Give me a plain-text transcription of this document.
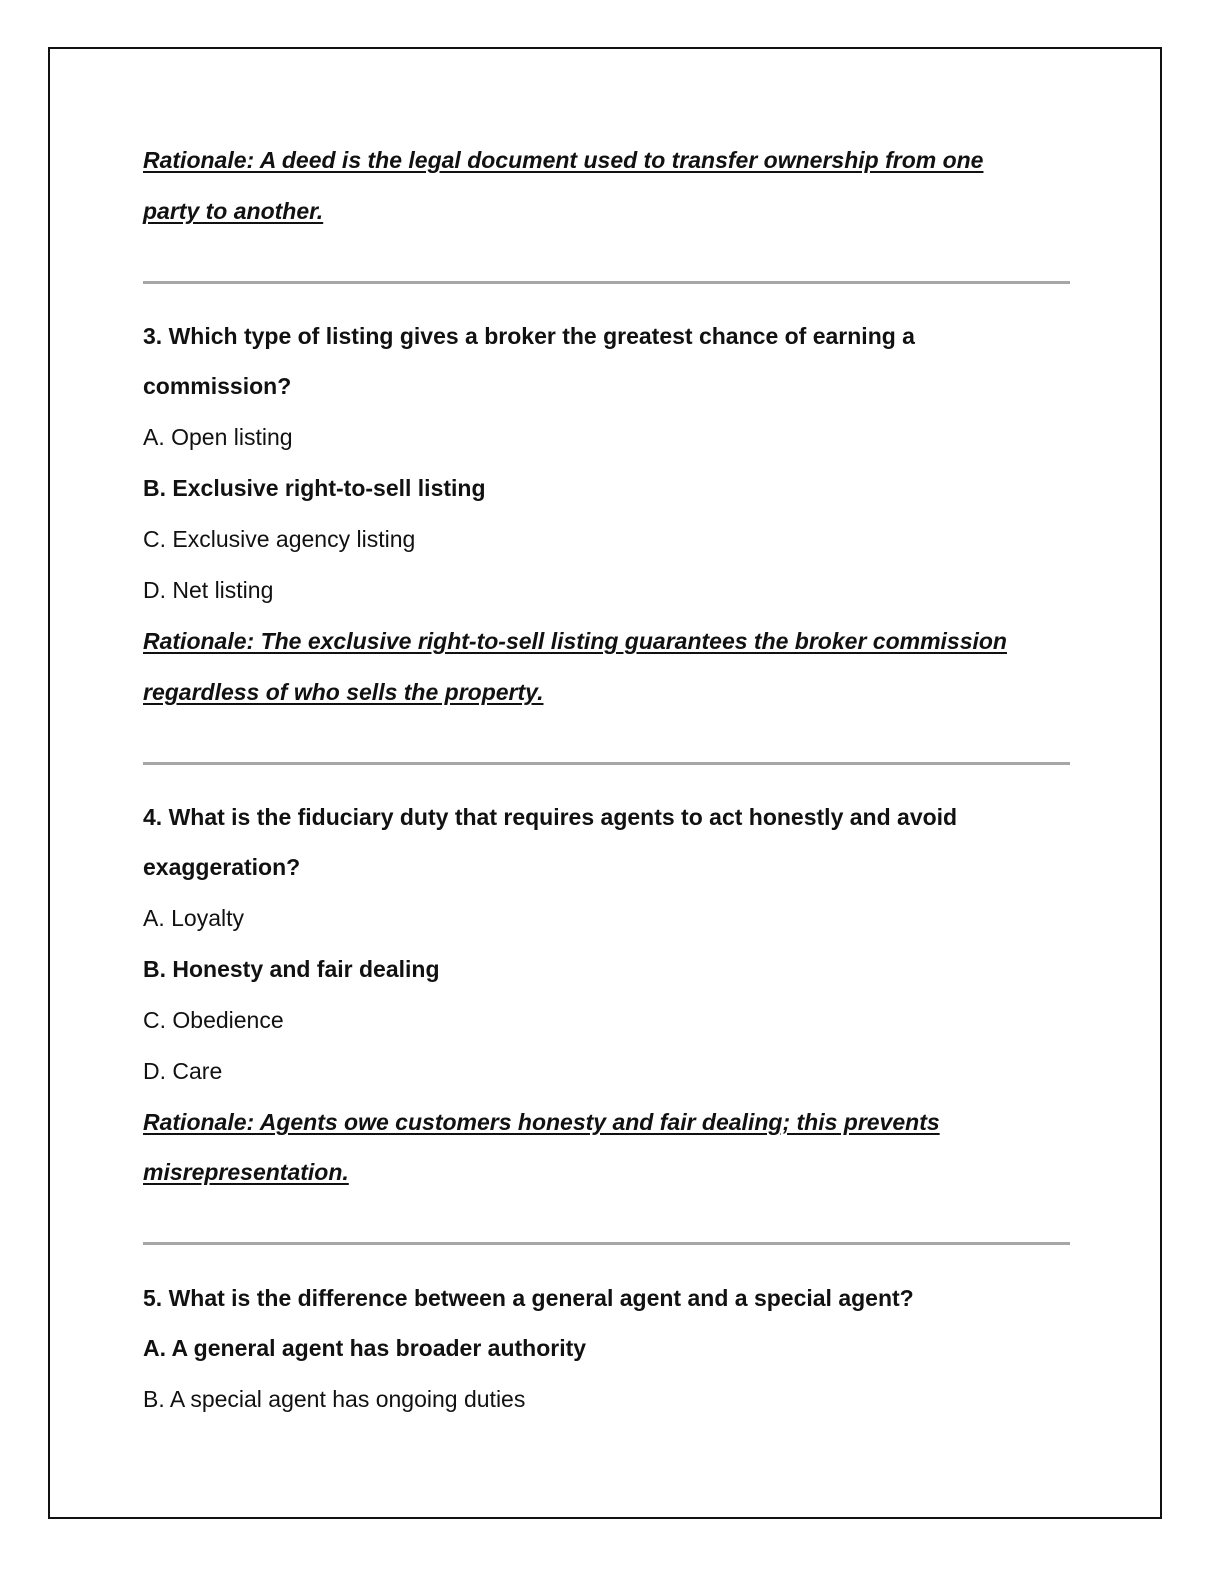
Rationale: A deed is the legal document used to transfer ownership from one

party to another.

3. Which type of listing gives a broker the greatest chance of earning a

commission?

A. Open listing

B. Exclusive right-to-sell listing

C. Exclusive agency listing

D. Net listing

Rationale: The exclusive right-to-sell listing guarantees the broker commission

regardless of who sells the property.

4. What is the fiduciary duty that requires agents to act honestly and avoid

exaggeration?

A. Loyalty

B. Honesty and fair dealing

C. Obedience

D. Care

Rationale: Agents owe customers honesty and fair dealing; this prevents

misrepresentation.

5. What is the difference between a general agent and a special agent?

A. A general agent has broader authority

B. A special agent has ongoing duties
